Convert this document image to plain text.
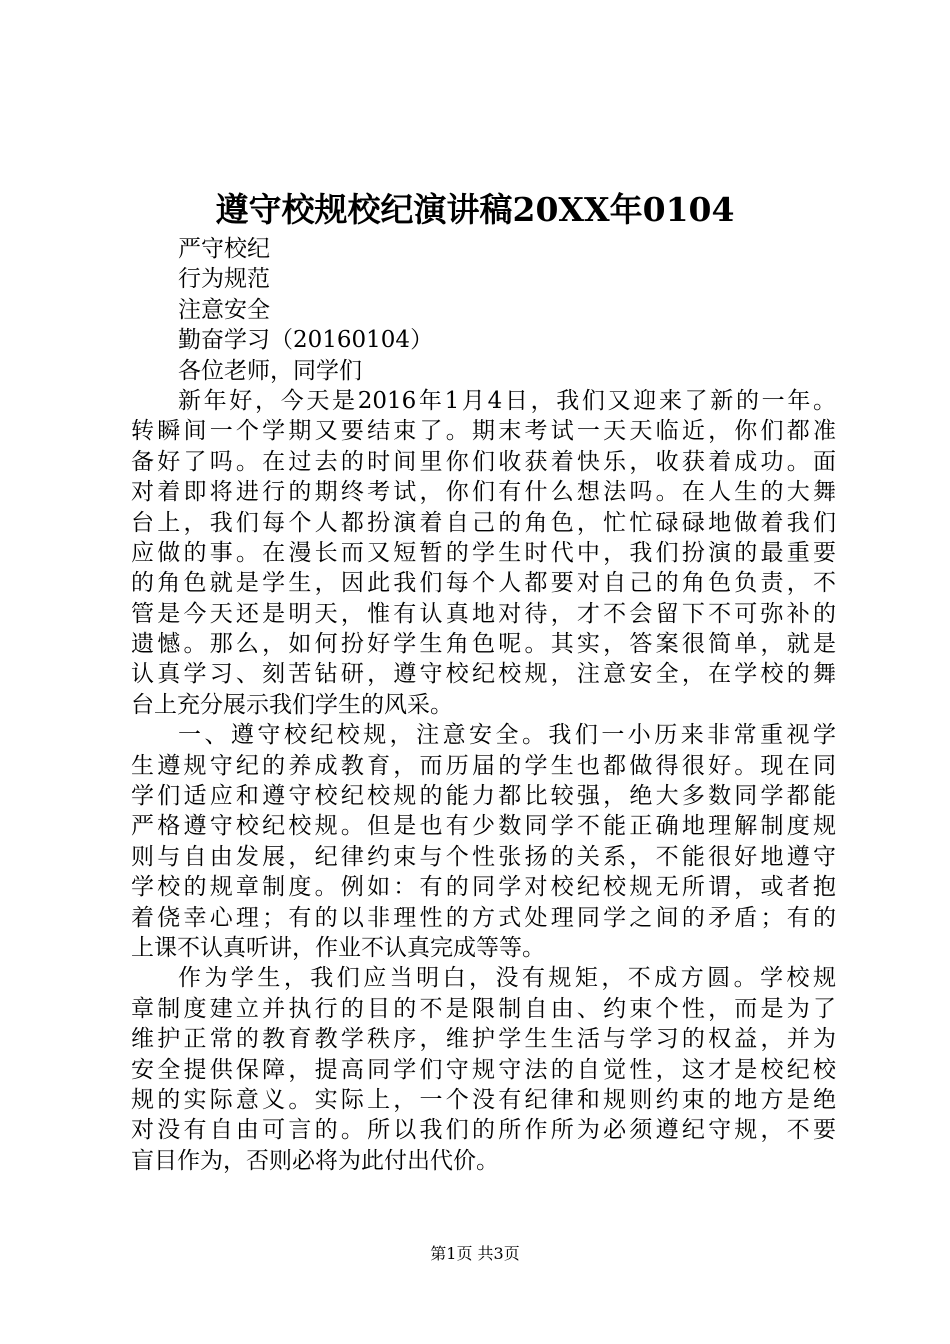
遵守校规校纪演讲稿20XX年0104
严守校纪
行为规范
注意安全
勤奋学习（20160104）
各位老师，同学们
新年好，今天是2016年1月4日，我们又迎来了新的一年。
转瞬间一个学期又要结束了。期末考试一天天临近，你们都准
备好了吗。在过去的时间里你们收获着快乐，收获着成功。面
对着即将进行的期终考试，你们有什么想法吗。在人生的大舞
台上，我们每个人都扮演着自己的角色，忙忙碌碌地做着我们
应做的事。在漫长而又短暂的学生时代中，我们扮演的最重要
的角色就是学生，因此我们每个人都要对自己的角色负责，不
管是今天还是明天，惟有认真地对待，才不会留下不可弥补的
遗憾。那么，如何扮好学生角色呢。其实，答案很简单，就是
认真学习、刻苦钻研，遵守校纪校规，注意安全，在学校的舞
台上充分展示我们学生的风采。
一、遵守校纪校规，注意安全。我们一小历来非常重视学
生遵规守纪的养成教育，而历届的学生也都做得很好。现在同
学们适应和遵守校纪校规的能力都比较强，绝大多数同学都能
严格遵守校纪校规。但是也有少数同学不能正确地理解制度规
则与自由发展，纪律约束与个性张扬的关系，不能很好地遵守
学校的规章制度。例如：有的同学对校纪校规无所谓，或者抱
着侥幸心理；有的以非理性的方式处理同学之间的矛盾；有的
上课不认真听讲，作业不认真完成等等。
作为学生，我们应当明白，没有规矩，不成方圆。学校规
章制度建立并执行的目的不是限制自由、约束个性，而是为了
维护正常的教育教学秩序，维护学生生活与学习的权益，并为
安全提供保障，提高同学们守规守法的自觉性，这才是校纪校
规的实际意义。实际上，一个没有纪律和规则约束的地方是绝
对没有自由可言的。所以我们的所作所为必须遵纪守规，不要
盲目作为，否则必将为此付出代价。
第1页 共3页
